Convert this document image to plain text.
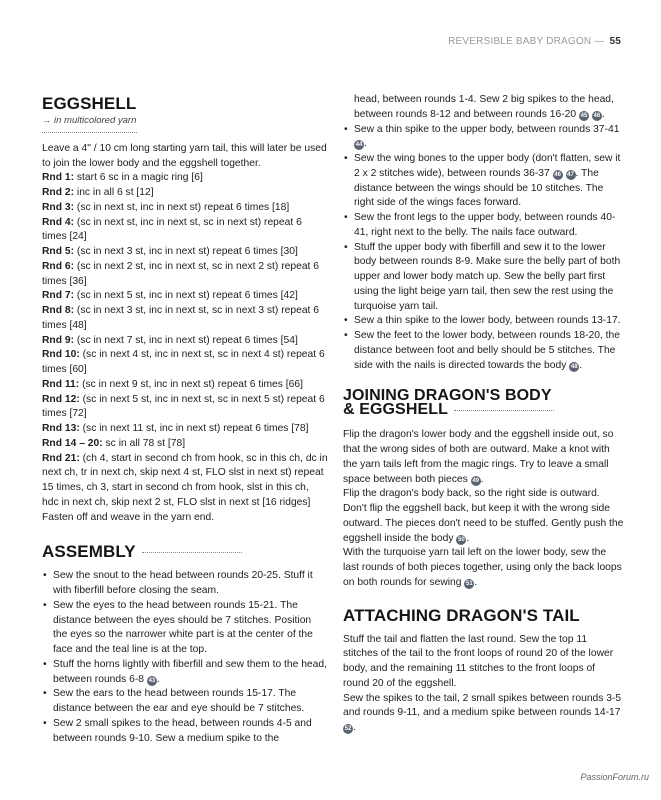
REVERSIBLE BABY DRAGON — 55
EGGSHELL
→ in multicolored yarn

Leave a 4" / 10 cm long starting yarn tail, this will later be used to join the lower body and the eggshell together.

Rnd 1: start 6 sc in a magic ring [6]

Rnd 2: inc in all 6 st [12]

Rnd 3: (sc in next st, inc in next st) repeat 6 times [18]

Rnd 4: (sc in next st, inc in next st, sc in next st) repeat 6 times [24]

Rnd 5: (sc in next 3 st, inc in next st) repeat 6 times [30]

Rnd 6: (sc in next 2 st, inc in next st, sc in next 2 st) repeat 6 times [36]

Rnd 7: (sc in next 5 st, inc in next st) repeat 6 times [42]

Rnd 8: (sc in next 3 st, inc in next st, sc in next 3 st) repeat 6 times [48]

Rnd 9: (sc in next 7 st, inc in next st) repeat 6 times [54]

Rnd 10: (sc in next 4 st, inc in next st, sc in next 4 st) repeat 6 times [60]

Rnd 11: (sc in next 9 st, inc in next st) repeat 6 times [66]

Rnd 12: (sc in next 5 st, inc in next st, sc in next 5 st) repeat 6 times [72]

Rnd 13: (sc in next 11 st, inc in next st) repeat 6 times [78]

Rnd 14 – 20: sc in all 78 st [78]

Rnd 21: (ch 4, start in second ch from hook, sc in this ch, dc in next ch, tr in next ch, skip next 4 st, FLO slst in next st) repeat 15 times, ch 3, start in second ch from hook, slst in this ch, hdc in next ch, skip next 2 st, FLO slst in next st [16 ridges]

Fasten off and weave in the yarn end.

ASSEMBLY
• Sew the snout to the head between rounds 20-25. Stuff it with fiberfill before closing the seam.
• Sew the eyes to the head between rounds 15-21. The distance between the eyes should be 7 stitches. Position the eyes so the narrower white part is at the center of the face and the teal line is at the top.
• Stuff the horns lightly with fiberfill and sew them to the head, between rounds 6-8 43 .
• Sew the ears to the head between rounds 15-17. The distance between the ear and eye should be 7 stitches.
• Sew 2 small spikes to the head, between rounds 4-5 and between rounds 9-10. Sew a medium spike to the
head, between rounds 1-4. Sew 2 big spikes to the head, between rounds 8-12 and between rounds 16-20 45 46 .
• Sew a thin spike to the upper body, between rounds 37-41 44 .
• Sew the wing bones to the upper body (don't flatten, sew it 2 x 2 stitches wide), between rounds 36-37 46 47 . The distance between the wings should be 10 stitches. The right side of the wings faces forward.
• Sew the front legs to the upper body, between rounds 40-41, right next to the belly. The nails face outward.
• Stuff the upper body with fiberfill and sew it to the lower body between rounds 8-9. Make sure the belly part of both upper and lower body match up. Sew the belly part first using the light beige yarn tail, then sew the rest using the turquoise yarn tail.
• Sew a thin spike to the lower body, between rounds 13-17.
• Sew the feet to the lower body, between rounds 18-20, the distance between foot and belly should be 5 stitches. The side with the nails is directed towards the body 48 .
JOINING DRAGON'S BODY
& EGGSHELL

Flip the dragon's lower body and the eggshell inside out, so that the wrong sides of both are outward. Make a knot with the yarn tails left from the magic rings. Try to leave a small space between both pieces 49 .

Flip the dragon's body back, so the right side is outward. Don't flip the eggshell back, but keep it with the wrong side outward. The pieces don't need to be stuffed. Gently push the eggshell inside the body 50 .

With the turquoise yarn tail left on the lower body, sew the last rounds of both pieces together, using only the back loops on both rounds for sewing 51 .

ATTACHING DRAGON'S TAIL

Stuff the tail and flatten the last round. Sew the top 11 stitches of the tail to the front loops of round 20 of the lower body, and the remaining 11 stitches to the front loops of round 20 of the eggshell.

Sew the spikes to the tail, 2 small spikes between rounds 3-5 and rounds 9-11, and a medium spike between rounds 14-17 52 .

PassionForum.ru
